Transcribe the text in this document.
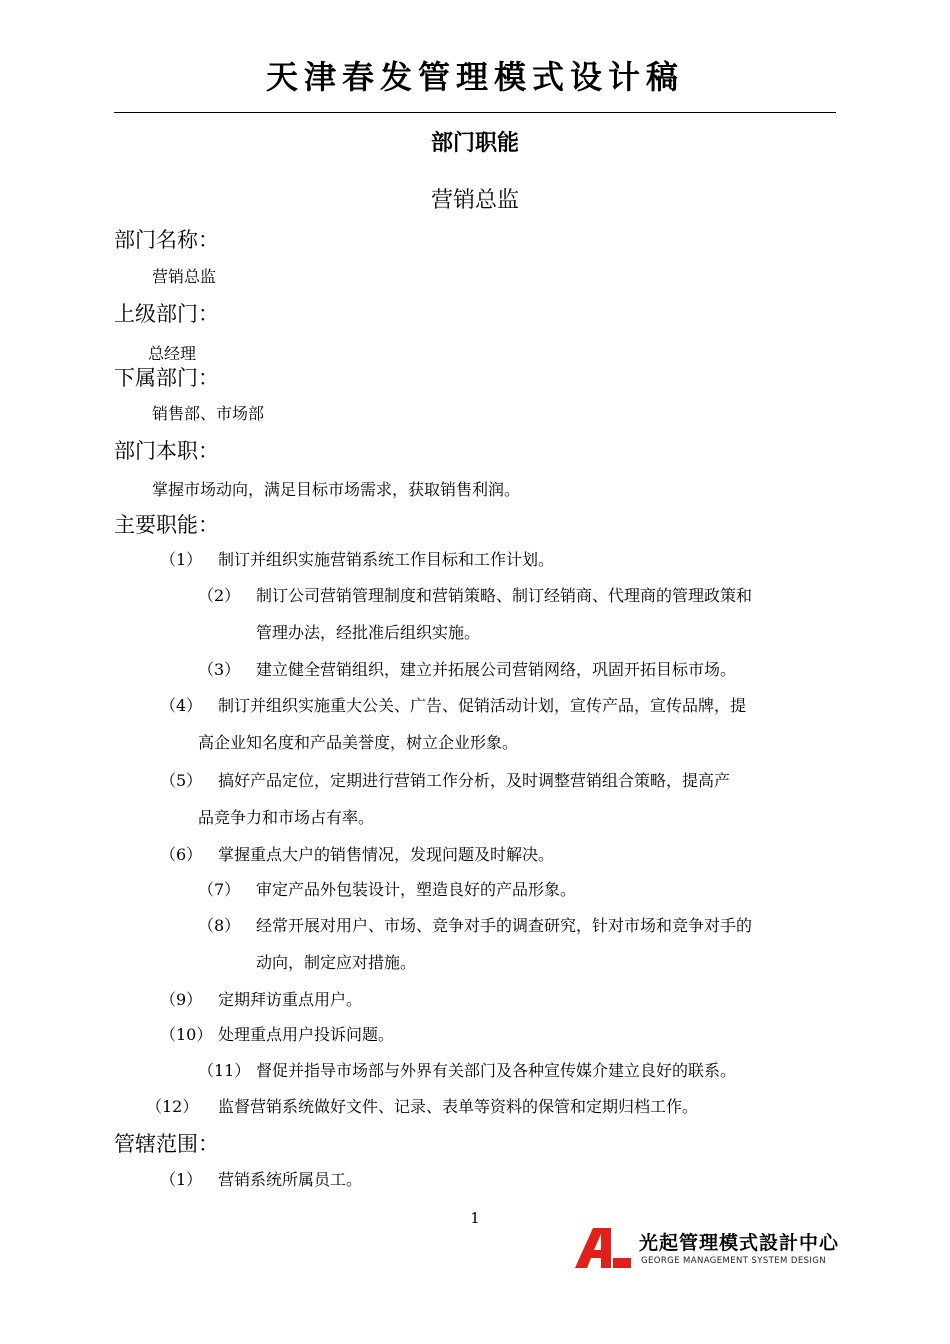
天津春发管理模式设计稿
部门职能
营销总监
部门名称：
营销总监
上级部门：
总经理
下属部门：
销售部、市场部
部门本职：
掌握市场动向，满足目标市场需求，获取销售利润。
主要职能：
（1） 制订并组织实施营销系统工作目标和工作计划。
（2） 制订公司营销管理制度和营销策略、制订经销商、代理商的管理政策和
管理办法，经批准后组织实施。
（3） 建立健全营销组织，建立并拓展公司营销网络，巩固开拓目标市场。
（4） 制订并组织实施重大公关、广告、促销活动计划，宣传产品，宣传品牌，提
高企业知名度和产品美誉度，树立企业形象。
（5） 搞好产品定位，定期进行营销工作分析，及时调整营销组合策略，提高产
品竞争力和市场占有率。
（6） 掌握重点大户的销售情况，发现问题及时解决。
（7） 审定产品外包装设计，塑造良好的产品形象。
（8） 经常开展对用户、市场、竞争对手的调查研究，针对市场和竞争对手的
动向，制定应对措施。
（9） 定期拜访重点用户。
（10） 处理重点用户投诉问题。
（11） 督促并指导市场部与外界有关部门及各种宣传媒介建立良好的联系。
（12） 监督营销系统做好文件、记录、表单等资料的保管和定期归档工作。
管辖范围：
（1） 营销系统所属员工。
1
光起管理模式設計中心
GEORGE MANAGEMENT SYSTEM DESIGN
